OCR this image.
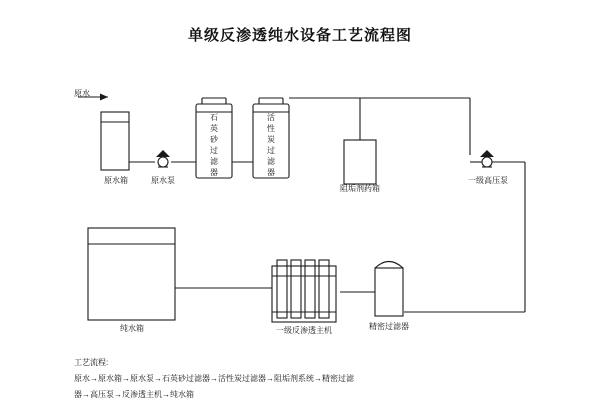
单级反渗透纯水设备工艺流程图
原水
石英砂过滤器
活性炭过滤器
原水箱	原水泵
阻垢剂药箱
一级高压泵
精密过滤器
一级反渗透主机
纯水箱
工艺流程:
原水→原水箱→原水泵→石英砂过滤器→活性炭过滤器→阻垢剂系统→精密过滤
器→高压泵→反渗透主机→纯水箱
